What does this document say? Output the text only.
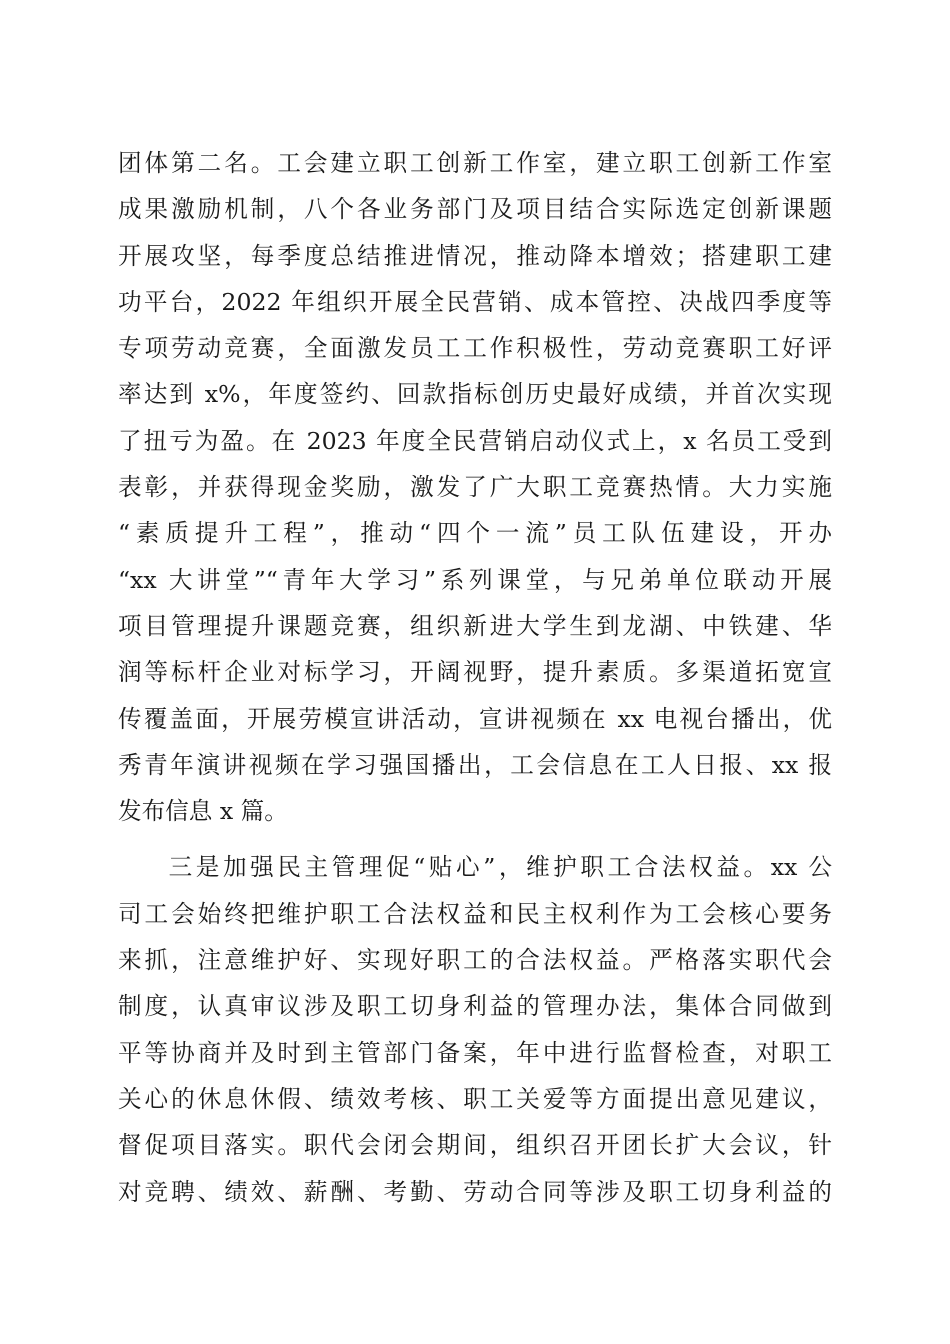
团体第二名。工会建立职工创新工作室，建立职工创新工作室
成果激励机制，八个各业务部门及项目结合实际选定创新课题
开展攻坚，每季度总结推进情况，推动降本增效；搭建职工建
功平台，2022 年组织开展全民营销、成本管控、决战四季度等
专项劳动竞赛，全面激发员工工作积极性，劳动竞赛职工好评
率达到 x%，年度签约、回款指标创历史最好成绩，并首次实现
了扭亏为盈。在 2023 年度全民营销启动仪式上，x 名员工受到
表彰，并获得现金奖励，激发了广大职工竞赛热情。大力实施
“素质提升工程”，推动“四个一流”员工队伍建设，开办
“xx 大讲堂”“青年大学习”系列课堂，与兄弟单位联动开展
项目管理提升课题竞赛，组织新进大学生到龙湖、中铁建、华
润等标杆企业对标学习，开阔视野，提升素质。多渠道拓宽宣
传覆盖面，开展劳模宣讲活动，宣讲视频在 xx 电视台播出，优
秀青年演讲视频在学习强国播出，工会信息在工人日报、xx 报
发布信息 x 篇。
三是加强民主管理促“贴心”，维护职工合法权益。xx 公
司工会始终把维护职工合法权益和民主权利作为工会核心要务
来抓，注意维护好、实现好职工的合法权益。严格落实职代会
制度，认真审议涉及职工切身利益的管理办法，集体合同做到
平等协商并及时到主管部门备案，年中进行监督检查，对职工
关心的休息休假、绩效考核、职工关爱等方面提出意见建议，
督促项目落实。职代会闭会期间，组织召开团长扩大会议，针
对竞聘、绩效、薪酬、考勤、劳动合同等涉及职工切身利益的
